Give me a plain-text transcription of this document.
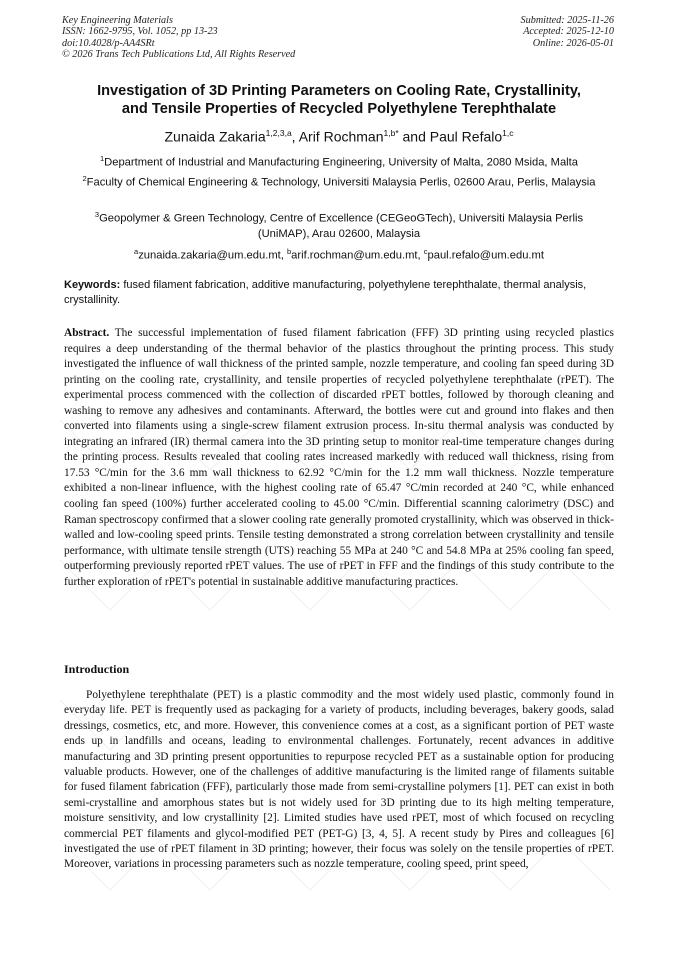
Key Engineering Materials
ISSN: 1662-9795, Vol. 1052, pp 13-23
doi:10.4028/p-AA4SRt
© 2026 Trans Tech Publications Ltd, All Rights Reserved
Submitted: 2025-11-26
Accepted: 2025-12-10
Online: 2026-05-01
Investigation of 3D Printing Parameters on Cooling Rate, Crystallinity,
and Tensile Properties of Recycled Polyethylene Terephthalate
Zunaida Zakaria$^{1,2,3,a}$, Arif Rochman$^{1,b*}$ and Paul Refalo$^{1,c}$
$^1$Department of Industrial and Manufacturing Engineering, University of Malta, 2080 Msida, Malta
$^2$Faculty of Chemical Engineering & Technology, Universiti Malaysia Perlis, 02600 Arau, Perlis, Malaysia
$^3$Geopolymer & Green Technology, Centre of Excellence (CEGeoGTech), Universiti Malaysia Perlis (UniMAP), Arau 02600, Malaysia
$^a$zunaida.zakaria@um.edu.mt, $^b$arif.rochman@um.edu.mt, $^c$paul.refalo@um.edu.mt
Keywords: fused filament fabrication, additive manufacturing, polyethylene terephthalate, thermal analysis, crystallinity.
Abstract. The successful implementation of fused filament fabrication (FFF) 3D printing using recycled plastics requires a deep understanding of the thermal behavior of the plastics throughout the printing process. This study investigated the influence of wall thickness of the printed sample, nozzle temperature, and cooling fan speed during 3D printing on the cooling rate, crystallinity, and tensile properties of recycled polyethylene terephthalate (rPET). The experimental process commenced with the collection of discarded rPET bottles, followed by thorough cleaning and washing to remove any adhesives and contaminants. Afterward, the bottles were cut and ground into flakes and then converted into filaments using a single-screw filament extrusion process. In-situ thermal analysis was conducted by integrating an infrared (IR) thermal camera into the 3D printing setup to monitor real-time temperature changes during the printing process. Results revealed that cooling rates increased markedly with reduced wall thickness, rising from 17.53 °C/min for the 3.6 mm wall thickness to 62.92 °C/min for the 1.2 mm wall thickness. Nozzle temperature exhibited a non-linear influence, with the highest cooling rate of 65.47 °C/min recorded at 240 °C, while enhanced cooling fan speed (100%) further accelerated cooling to 45.00 °C/min. Differential scanning calorimetry (DSC) and Raman spectroscopy confirmed that a slower cooling rate generally promoted crystallinity, which was observed in thick-walled and low-cooling speed prints. Tensile testing demonstrated a strong correlation between crystallinity and tensile performance, with ultimate tensile strength (UTS) reaching 55 MPa at 240 °C and 54.8 MPa at 25% cooling fan speed, outperforming previously reported rPET values. The use of rPET in FFF and the findings of this study contribute to the further exploration of rPET's potential in sustainable additive manufacturing practices.
Introduction
Polyethylene terephthalate (PET) is a plastic commodity and the most widely used plastic, commonly found in everyday life. PET is frequently used as packaging for a variety of products, including beverages, bakery goods, salad dressings, cosmetics, etc, and more. However, this convenience comes at a cost, as a significant portion of PET waste ends up in landfills and oceans, leading to environmental challenges. Fortunately, recent advances in additive manufacturing and 3D printing present opportunities to repurpose recycled PET as a sustainable option for producing valuable products. However, one of the challenges of additive manufacturing is the limited range of filaments suitable for fused filament fabrication (FFF), particularly those made from semi-crystalline polymers [1]. PET can exist in both semi-crystalline and amorphous states but is not widely used for 3D printing due to its high melting temperature, moisture sensitivity, and low crystallinity [2]. Limited studies have used rPET, most of which focused on recycling commercial PET filaments and glycol-modified PET (PET-G) [3, 4, 5]. A recent study by Pires and colleagues [6] investigated the use of rPET filament in 3D printing; however, their focus was solely on the tensile properties of rPET. Moreover, variations in processing parameters such as nozzle temperature, cooling speed, print speed,
